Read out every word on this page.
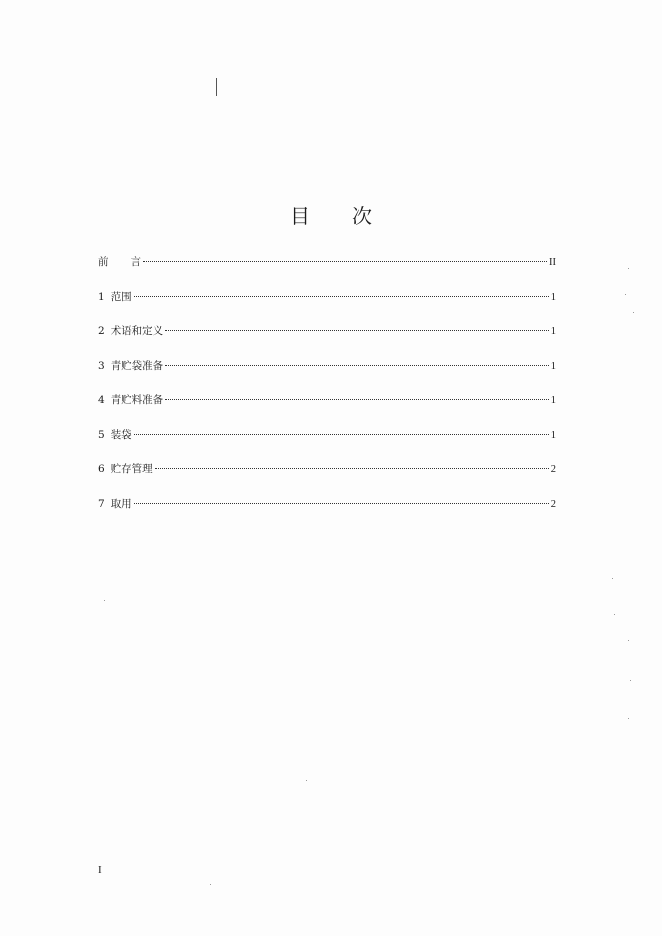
目 次
前 言	II
1 范围	1
2 术语和定义	1
3 青贮袋准备	1
4 青贮料准备	1
5 装袋	1
6 贮存管理	2
7 取用	2
I
